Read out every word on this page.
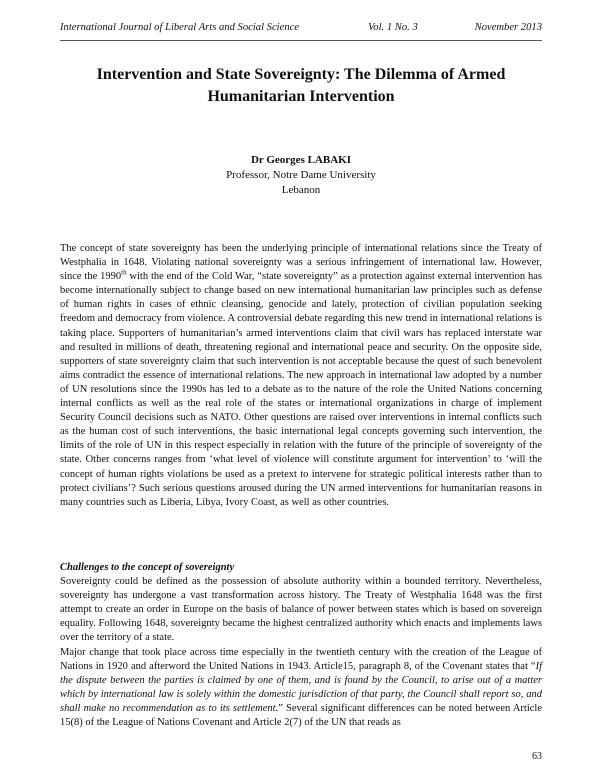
International Journal of Liberal Arts and Social Science	Vol. 1 No. 3	November 2013
Intervention and State Sovereignty: The Dilemma of Armed Humanitarian Intervention
Dr Georges LABAKI
Professor, Notre Dame University
Lebanon

The concept of state sovereignty has been the underlying principle of international relations since the Treaty of Westphalia in 1648. Violating national sovereignty was a serious infringement of international law. However, since the 1990th with the end of the Cold War, “state sovereignty” as a protection against external intervention has become internationally subject to change based on new international humanitarian law principles such as defense of human rights in cases of ethnic cleansing, genocide and lately, protection of civilian population seeking freedom and democracy from violence. A controversial debate regarding this new trend in international relations is taking place. Supporters of humanitarian’s armed interventions claim that civil wars has replaced interstate war and resulted in millions of death, threatening regional and international peace and security. On the opposite side, supporters of state sovereignty claim that such intervention is not acceptable because the quest of such benevolent aims contradict the essence of international relations. The new approach in international law adopted by a number of UN resolutions since the 1990s has led to a debate as to the nature of the role the United Nations concerning internal conflicts as well as the real role of the states or international organizations in charge of implement Security Council decisions such as NATO. Other questions are raised over interventions in internal conflicts such as the human cost of such interventions, the basic international legal concepts governing such intervention, the limits of the role of UN in this respect especially in relation with the future of the principle of sovereignty of the state. Other concerns ranges from ‘what level of violence will constitute argument for intervention’ to ‘will the concept of human rights violations be used as a pretext to intervene for strategic political interests rather than to protect civilians’? Such serious questions aroused during the UN armed interventions for humanitarian reasons in many countries such as Liberia, Libya, Ivory Coast, as well as other countries.

Challenges to the concept of sovereignty

Sovereignty could be defined as the possession of absolute authority within a bounded territory. Nevertheless, sovereignty has undergone a vast transformation across history. The Treaty of Westphalia 1648 was the first attempt to create an order in Europe on the basis of balance of power between states which is based on sovereign equality. Following 1648, sovereignty became the highest centralized authority which enacts and implements laws over the territory of a state.

Major change that took place across time especially in the twentieth century with the creation of the League of Nations in 1920 and afterword the United Nations in 1943. Article15, paragraph 8, of the Covenant states that “If the dispute between the parties is claimed by one of them, and is found by the Council, to arise out of a matter which by international law is solely within the domestic jurisdiction of that party, the Council shall report so, and shall make no recommendation as to its settlement.” Several significant differences can be noted between Article 15(8) of the League of Nations Covenant and Article 2(7) of the UN that reads as

63
